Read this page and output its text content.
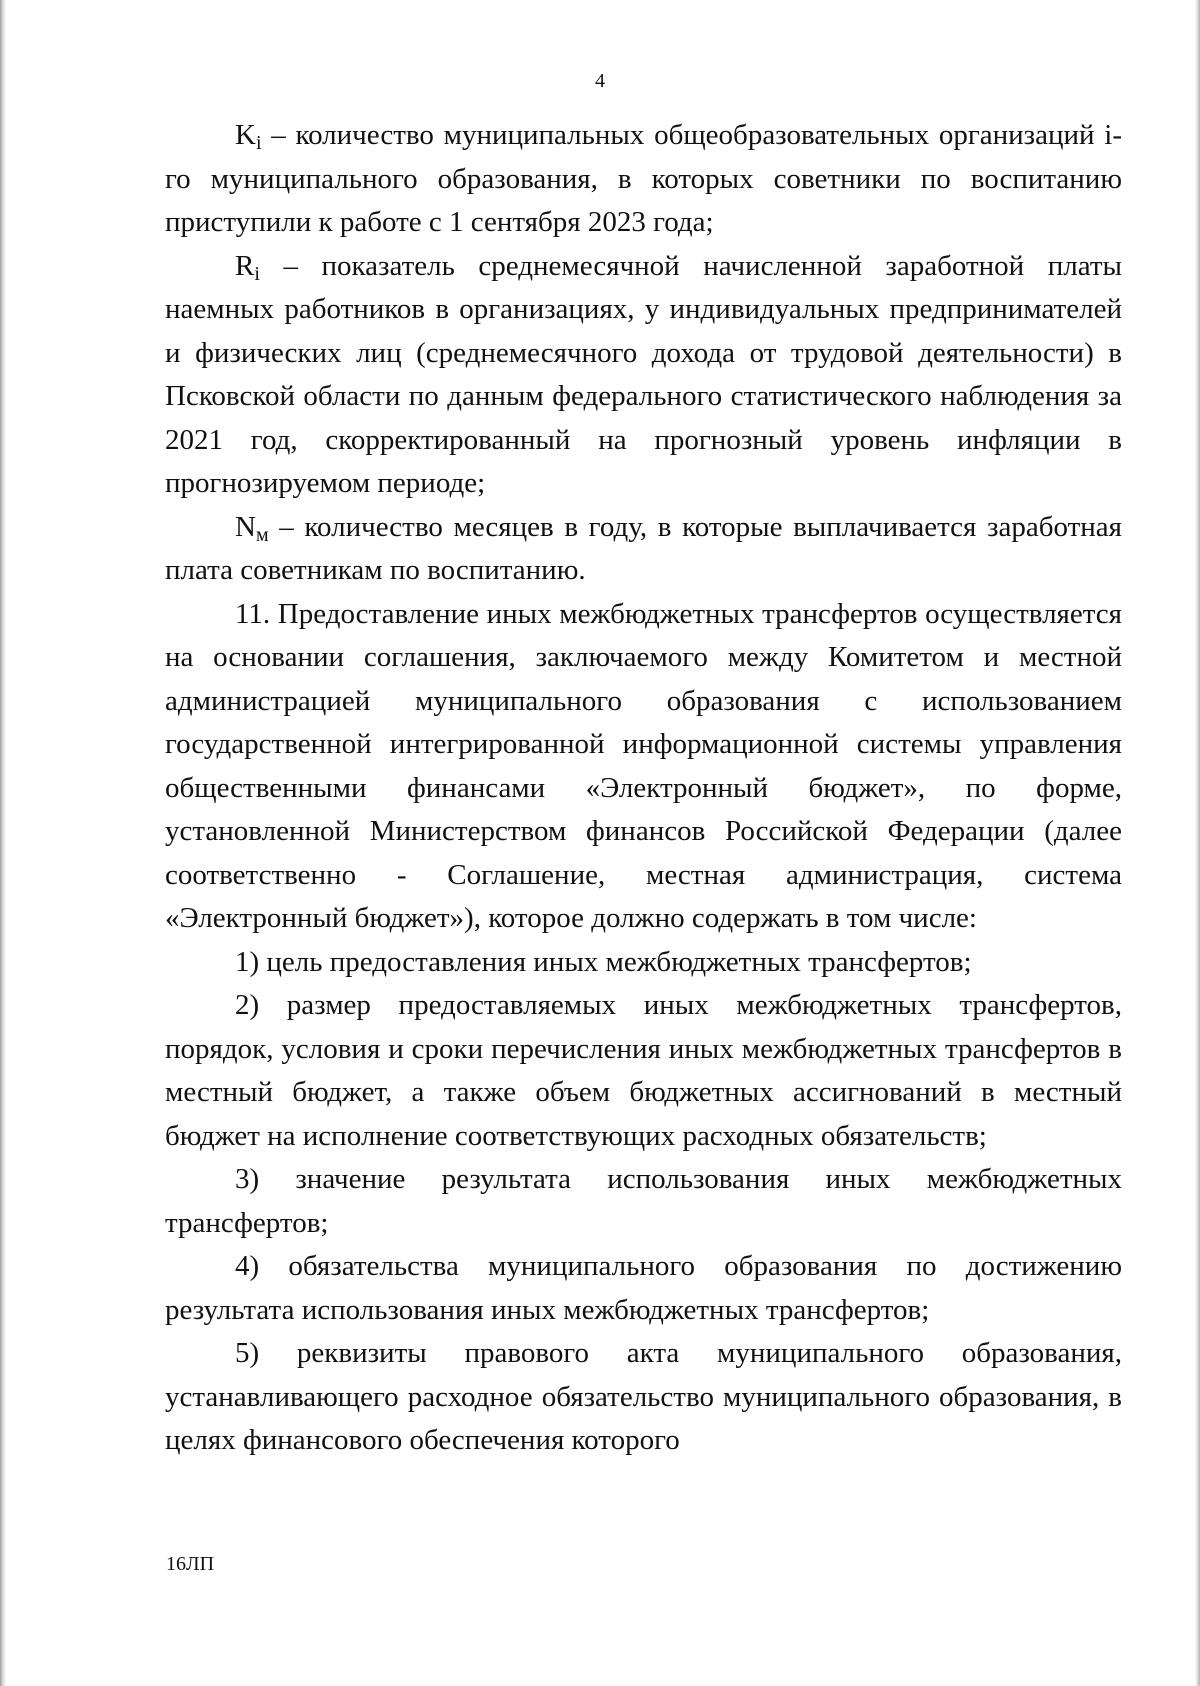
4

$K_i$ – количество муниципальных общеобразовательных организаций i-го муниципального образования, в которых советники по воспитанию приступили к работе с 1 сентября 2023 года;

$R_i$ – показатель среднемесячной начисленной заработной платы наемных работников в организациях, у индивидуальных предпринимателей и физических лиц (среднемесячного дохода от трудовой деятельности) в Псковской области по данным федерального статистического наблюдения за 2021 год, скорректированный на прогнозный уровень инфляции в прогнозируемом периоде;

$N_м$ – количество месяцев в году, в которые выплачивается заработная плата советникам по воспитанию.

11. Предоставление иных межбюджетных трансфертов осуществляется на основании соглашения, заключаемого между Комитетом и местной администрацией муниципального образования с использованием государственной интегрированной информационной системы управления общественными финансами «Электронный бюджет», по форме, установленной Министерством финансов Российской Федерации (далее соответственно - Соглашение, местная администрация, система «Электронный бюджет»), которое должно содержать в том числе:

1) цель предоставления иных межбюджетных трансфертов;

2) размер предоставляемых иных межбюджетных трансфертов, порядок, условия и сроки перечисления иных межбюджетных трансфертов в местный бюджет, а также объем бюджетных ассигнований в местный бюджет на исполнение соответствующих расходных обязательств;

3) значение результата использования иных межбюджетных трансфертов;

4) обязательства муниципального образования по достижению результата использования иных межбюджетных трансфертов;

5) реквизиты правового акта муниципального образования, устанавливающего расходное обязательство муниципального образования, в целях финансового обеспечения которого

16ЛП
